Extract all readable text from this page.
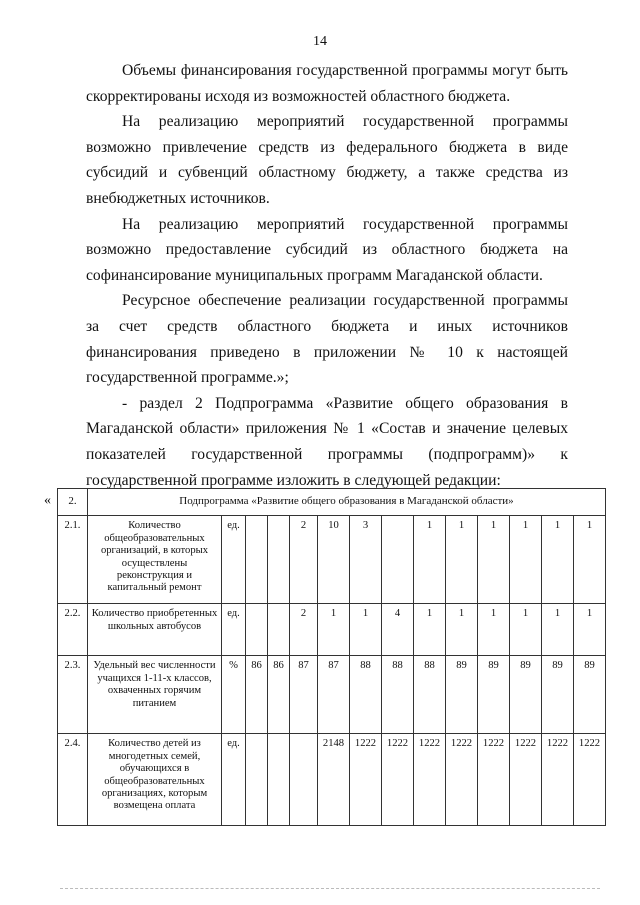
14

Объемы финансирования государственной программы могут быть скорректированы исходя из возможностей областного бюджета.

На реализацию мероприятий государственной программы возможно привлечение средств из федерального бюджета в виде субсидий и субвенций областному бюджету, а также средства из внебюджетных источников.

На реализацию мероприятий государственной программы возможно предоставление субсидий из областного бюджета на софинансирование муниципальных программ Магаданской области.

Ресурсное обеспечение реализации государственной программы за счет средств областного бюджета и иных источников финансирования приведено в приложении № 10 к настоящей государственной программе.»;

- раздел 2 Подпрограмма «Развитие общего образования в Магаданской области» приложения № 1 «Состав и значение целевых показателей государственной программы (подпрограмм)» к государственной программе изложить в следующей редакции:

« 2.	Подпрограмма «Развитие общего образования в Магаданской области»													
2.1.	Количество общеобразовательных организаций, в которых осуществлены реконструкция и капитальный ремонт	ед.			2	10	3		1	1	1	1	1	1
2.2.	Количество приобретенных школьных автобусов	ед.			2	1	1	4	1	1	1	1	1	1
2.3.	Удельный вес численности учащихся 1-11-х классов, охваченных горячим питанием	%	86	86	87	87	88	88	88	89	89	89	89	89
2.4.	Количество детей из многодетных семей, обучающихся в общеобразовательных организациях, которым возмещена оплата	ед.				2148	1222	1222	1222	1222	1222	1222	1222	1222
